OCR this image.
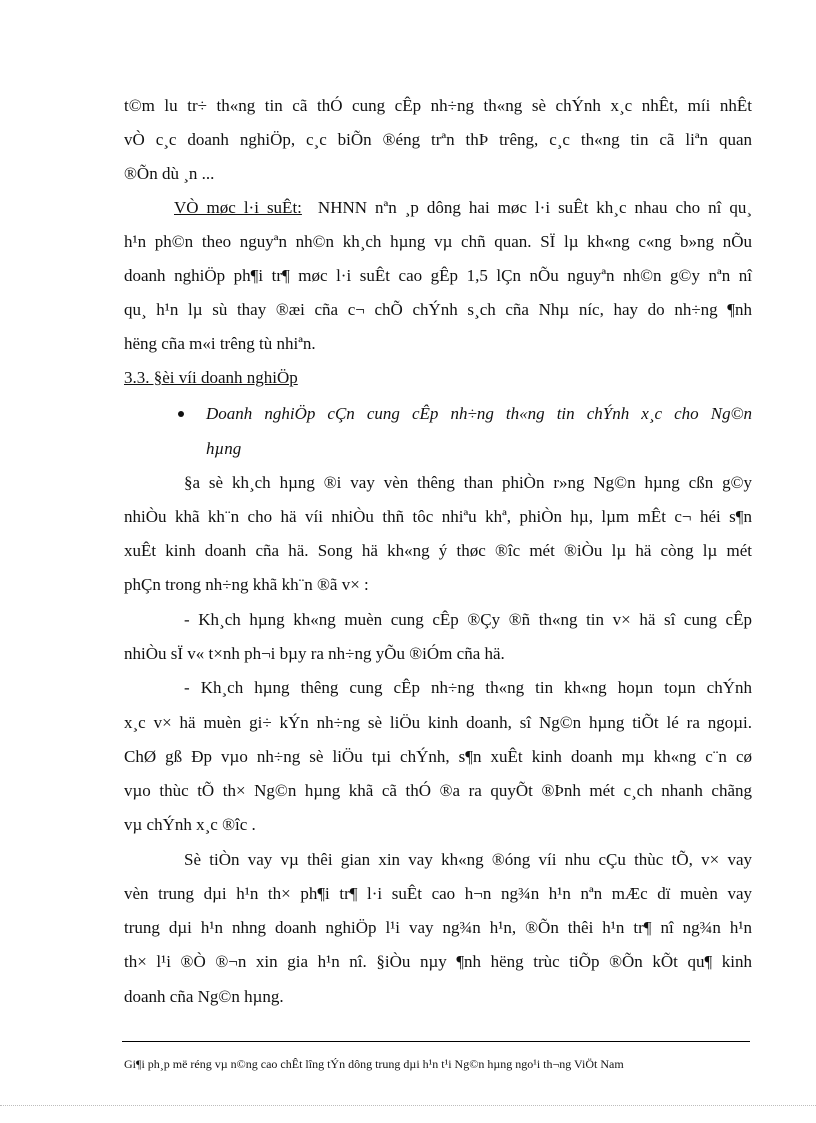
t©m lu tr÷ th«ng tin cã thÓ cung cÊp nh÷ng th«ng sè chÝnh x¸c nhÊt, míi nhÊt
vÒ c¸c doanh nghiÖp, c¸c biÕn ®éng trªn thÞ trêng, c¸c th«ng tin cã liªn quan
®Õn dù ¸n ...
VÒ møc l·i suÊt: NHNN nªn ¸p dông hai møc l·i suÊt kh¸c nhau cho nî qu¸
h¹n ph©n theo nguyªn nh©n kh¸ch hµng vµ chñ quan. SÏ lµ kh«ng c«ng b»ng nÕu
doanh nghiÖp ph¶i tr¶ møc l·i suÊt cao gÊp 1,5 lÇn nÕu nguyªn nh©n g©y nªn nî
qu¸ h¹n lµ sù thay ®æi cña c¬ chÕ chÝnh s¸ch cña Nhµ níc, hay do nh÷ng ¶nh
hëng cña m«i trêng tù nhiªn.
3.3. §èi víi doanh nghiÖp
Doanh nghiÖp cÇn cung cÊp nh÷ng th«ng tin chÝnh x¸c cho Ng©n
hµng
§a sè kh¸ch hµng ®i vay vèn thêng than phiÒn r»ng Ng©n hµng cßn g©y
nhiÒu khã kh¨n cho hä víi nhiÒu thñ tôc nhiªu khª, phiÒn hµ, lµm mÊt c¬ héi s¶n
xuÊt kinh doanh cña hä. Song hä kh«ng ý thøc ®îc mét ®iÒu lµ hä còng lµ mét
phÇn trong nh÷ng khã kh¨n ®ã v× :
- Kh¸ch hµng kh«ng muèn cung cÊp ®Çy ®ñ th«ng tin v× hä sî cung cÊp
nhiÒu sÏ v« t×nh ph¬i bµy ra nh÷ng yÕu ®iÓm cña hä.
- Kh¸ch hµng thêng cung cÊp nh÷ng th«ng tin kh«ng hoµn toµn chÝnh
x¸c v× hä muèn gi÷ kÝn nh÷ng sè liÖu kinh doanh, sî Ng©n hµng tiÕt lé ra ngoµi.
ChØ gß Ðp vµo nh÷ng sè liÖu tµi chÝnh, s¶n xuÊt kinh doanh mµ kh«ng c¨n cø
vµo thùc tÕ th× Ng©n hµng khã cã thÓ ®a ra quyÕt ®Þnh mét c¸ch nhanh chãng
vµ chÝnh x¸c ®îc .
Sè tiÒn vay vµ thêi gian xin vay kh«ng ®óng víi nhu cÇu thùc tÕ, v× vay
vèn trung dµi h¹n th× ph¶i tr¶ l·i suÊt cao h¬n ng¾n h¹n nªn mÆc dï muèn vay
trung dµi h¹n nhng doanh nghiÖp l¹i vay ng¾n h¹n, ®Õn thêi h¹n tr¶ nî ng¾n h¹n
th× l¹i ®Ò ®¬n xin gia h¹n nî. §iÒu nµy ¶nh hëng trùc tiÕp ®Õn kÕt qu¶ kinh
doanh cña Ng©n hµng.
Gi¶i ph¸p më réng vµ n©ng cao chÊt lîng tÝn dông trung dµi h¹n t¹i Ng©n hµng ngo¹i th¬ng ViÖt Nam
